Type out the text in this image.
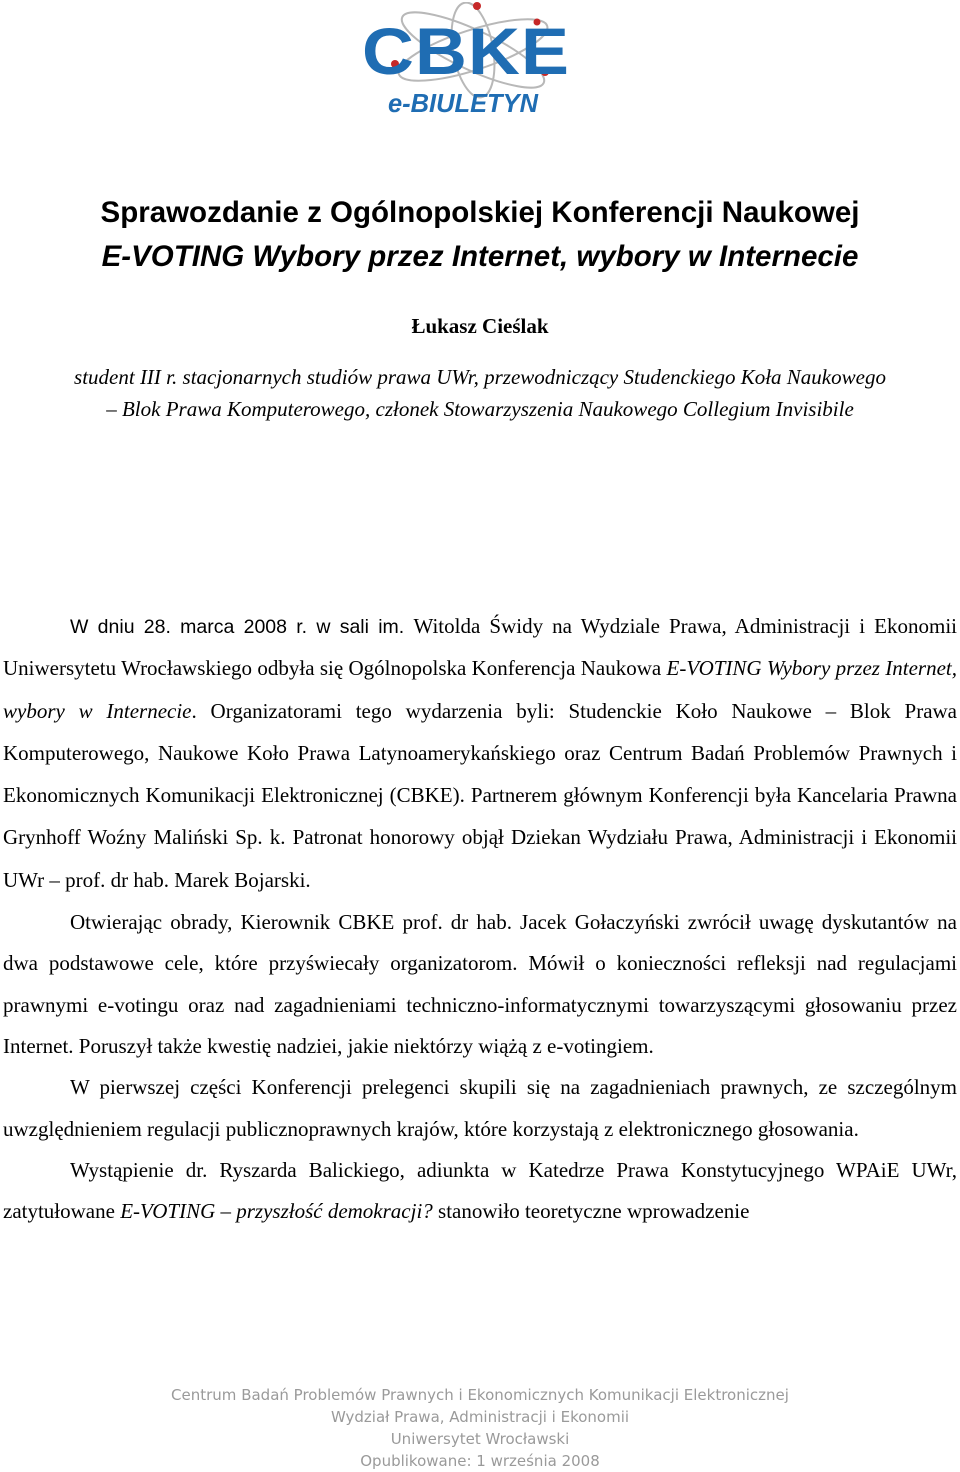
CBKE
e-BIULETYN
Sprawozdanie z Ogólnopolskiej Konferencji Naukowej
E-VOTING Wybory przez Internet, wybory w Internecie
Łukasz Cieślak
student III r. stacjonarnych studiów prawa UWr, przewodniczący Studenckiego Koła Naukowego
– Blok Prawa Komputerowego, członek Stowarzyszenia Naukowego Collegium Invisibile

W dniu 28. marca 2008 r. w sali im. Witolda Świdy na Wydziale Prawa, Administracji i Ekonomii Uniwersytetu Wrocławskiego odbyła się Ogólnopolska Konferencja Naukowa E-VOTING Wybory przez Internet, wybory w Internecie. Organizatorami tego wydarzenia byli: Studenckie Koło Naukowe – Blok Prawa Komputerowego, Naukowe Koło Prawa Latynoamerykańskiego oraz Centrum Badań Problemów Prawnych i Ekonomicznych Komunikacji Elektronicznej (CBKE). Partnerem głównym Konferencji była Kancelaria Prawna Grynhoff Woźny Maliński Sp. k. Patronat honorowy objął Dziekan Wydziału Prawa, Administracji i Ekonomii UWr – prof. dr hab. Marek Bojarski.

Otwierając obrady, Kierownik CBKE prof. dr hab. Jacek Gołaczyński zwrócił uwagę dyskutantów na dwa podstawowe cele, które przyświecały organizatorom. Mówił o konieczności refleksji nad regulacjami prawnymi e-votingu oraz nad zagadnieniami techniczno-informatycznymi towarzyszącymi głosowaniu przez Internet. Poruszył także kwestię nadziei, jakie niektórzy wiążą z e-votingiem.

W pierwszej części Konferencji prelegenci skupili się na zagadnieniach prawnych, ze szczególnym uwzględnieniem regulacji publicznoprawnych krajów, które korzystają z elektronicznego głosowania.

Wystąpienie dr. Ryszarda Balickiego, adiunkta w Katedrze Prawa Konstytucyjnego WPAiE UWr, zatytułowane E-VOTING – przyszłość demokracji? stanowiło teoretyczne wprowadzenie

Centrum Badań Problemów Prawnych i Ekonomicznych Komunikacji Elektronicznej
Wydział Prawa, Administracji i Ekonomii
Uniwersytet Wrocławski
Opublikowane: 1 września 2008
